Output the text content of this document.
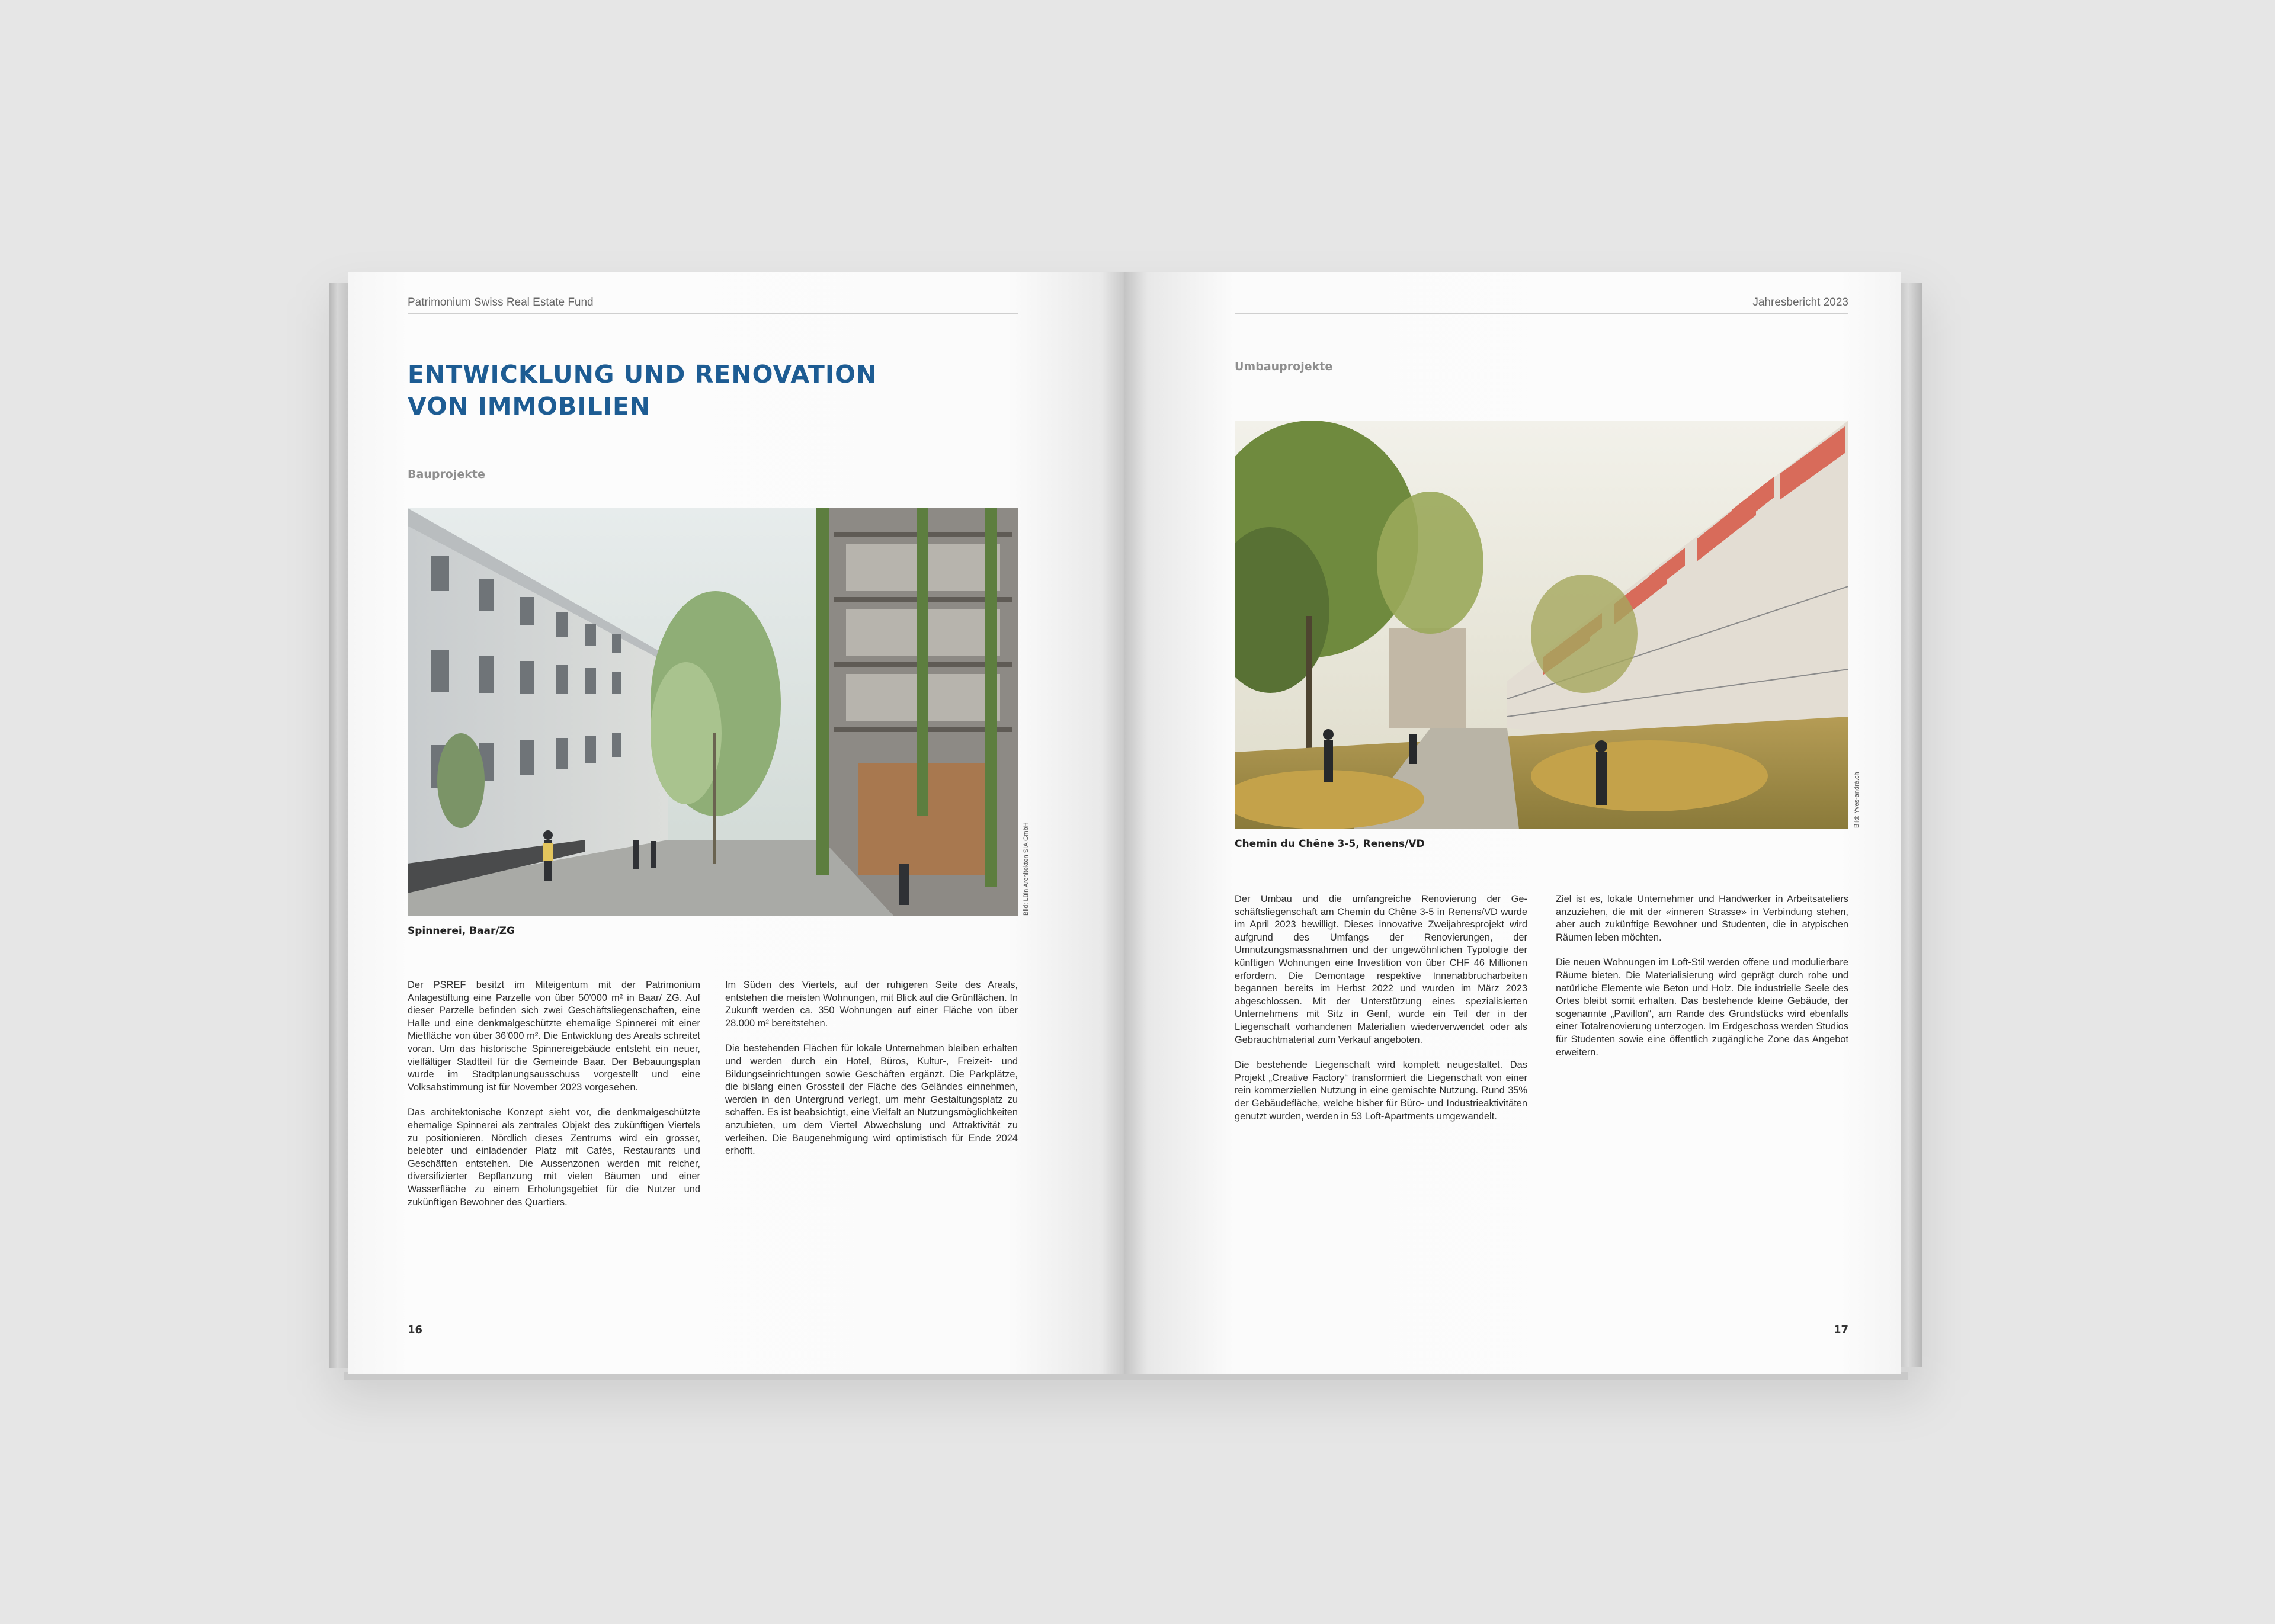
Patrimonium Swiss Real Estate Fund
ENTWICKLUNG UND RENOVATION
VON IMMOBILIEN
Bauprojekte
Bild: Lüin Architekten SIA GmbH
Spinnerei, Baar/ZG

Der PSREF besitzt im Miteigentum mit der Patrimonium Anlagestiftung eine Parzelle von über 50'000 m² in Baar/ ZG. Auf dieser Parzelle befinden sich zwei Geschäftsliegenschaften, eine Halle und eine denkmalgeschützte ehemalige Spinnerei mit einer Mietfläche von über 36'000 m². Die Entwicklung des Areals schreitet voran. Um das historische Spinnereigebäude entsteht ein neuer, vielfältiger Stadtteil für die Gemeinde Baar. Der Bebauungsplan wurde im Stadtplanungsausschuss vorgestellt und eine Volksabstimmung ist für November 2023 vorgesehen.

Das architektonische Konzept sieht vor, die denkmalgeschützte ehemalige Spinnerei als zentrales Objekt des zukünftigen Viertels zu positionieren. Nördlich dieses Zentrums wird ein grosser, belebter und einladender Platz mit Cafés, Restaurants und Geschäften entstehen. Die Aussenzonen werden mit reicher, diversifizierter Bepflanzung mit vielen Bäumen und einer Wasserfläche zu einem Erholungsgebiet für die Nutzer und zukünftigen Bewohner des Quartiers.

Im Süden des Viertels, auf der ruhigeren Seite des Areals, entstehen die meisten Wohnungen, mit Blick auf die Grünflächen. In Zukunft werden ca. 350 Wohnungen auf einer Fläche von über 28.000 m² bereitstehen.

Die bestehenden Flächen für lokale Unternehmen bleiben erhalten und werden durch ein Hotel, Büros, Kultur-, Freizeit- und Bildungseinrichtungen sowie Geschäften ergänzt. Die Parkplätze, die bislang einen Grossteil der Fläche des Geländes einnehmen, werden in den Untergrund verlegt, um mehr Gestaltungsplatz zu schaffen. Es ist beabsichtigt, eine Vielfalt an Nutzungsmöglichkeiten anzubieten, um dem Viertel Abwechslung und Attraktivität zu verleihen. Die Baugenehmigung wird optimistisch für Ende 2024 erhofft.

16
Jahresbericht 2023
Umbauprojekte
Bild: Yves-andré.ch
Chemin du Chêne 3-5, Renens/VD

Der Umbau und die umfangreiche Renovierung der Geschäftsliegenschaft am Chemin du Chêne 3-5 in Renens/VD wurde im April 2023 bewilligt. Dieses innovative Zweijahresprojekt wird aufgrund des Umfangs der Renovierungen, der Umnutzungsmassnahmen und der ungewöhnlichen Typologie der künftigen Wohnungen eine Investition von über CHF 46 Millionen erfordern. Die Demontage respektive Innenabbrucharbeiten begannen bereits im Herbst 2022 und wurden im März 2023 abgeschlossen. Mit der Unterstützung eines spezialisierten Unternehmens mit Sitz in Genf, wurde ein Teil der in der Liegenschaft vorhandenen Materialien wiederverwendet oder als Gebrauchtmaterial zum Verkauf angeboten.

Die bestehende Liegenschaft wird komplett neugestaltet. Das Projekt „Creative Factory“ transformiert die Liegenschaft von einer rein kommerziellen Nutzung in eine gemischte Nutzung. Rund 35% der Gebäudefläche, welche bisher für Büro- und Industrieaktivitäten genutzt wurden, werden in 53 Loft-Apartments umgewandelt.

Ziel ist es, lokale Unternehmer und Handwerker in Arbeitsateliers anzuziehen, die mit der «inneren Strasse» in Verbindung stehen, aber auch zukünftige Bewohner und Studenten, die in atypischen Räumen leben möchten.

Die neuen Wohnungen im Loft-Stil werden offene und modulierbare Räume bieten. Die Materialisierung wird geprägt durch rohe und natürliche Elemente wie Beton und Holz. Die industrielle Seele des Ortes bleibt somit erhalten. Das bestehende kleine Gebäude, der sogenannte „Pavillon“, am Rande des Grundstücks wird ebenfalls einer Totalrenovierung unterzogen. Im Erdgeschoss werden Studios für Studenten sowie eine öffentlich zugängliche Zone das Angebot erweitern.

17
